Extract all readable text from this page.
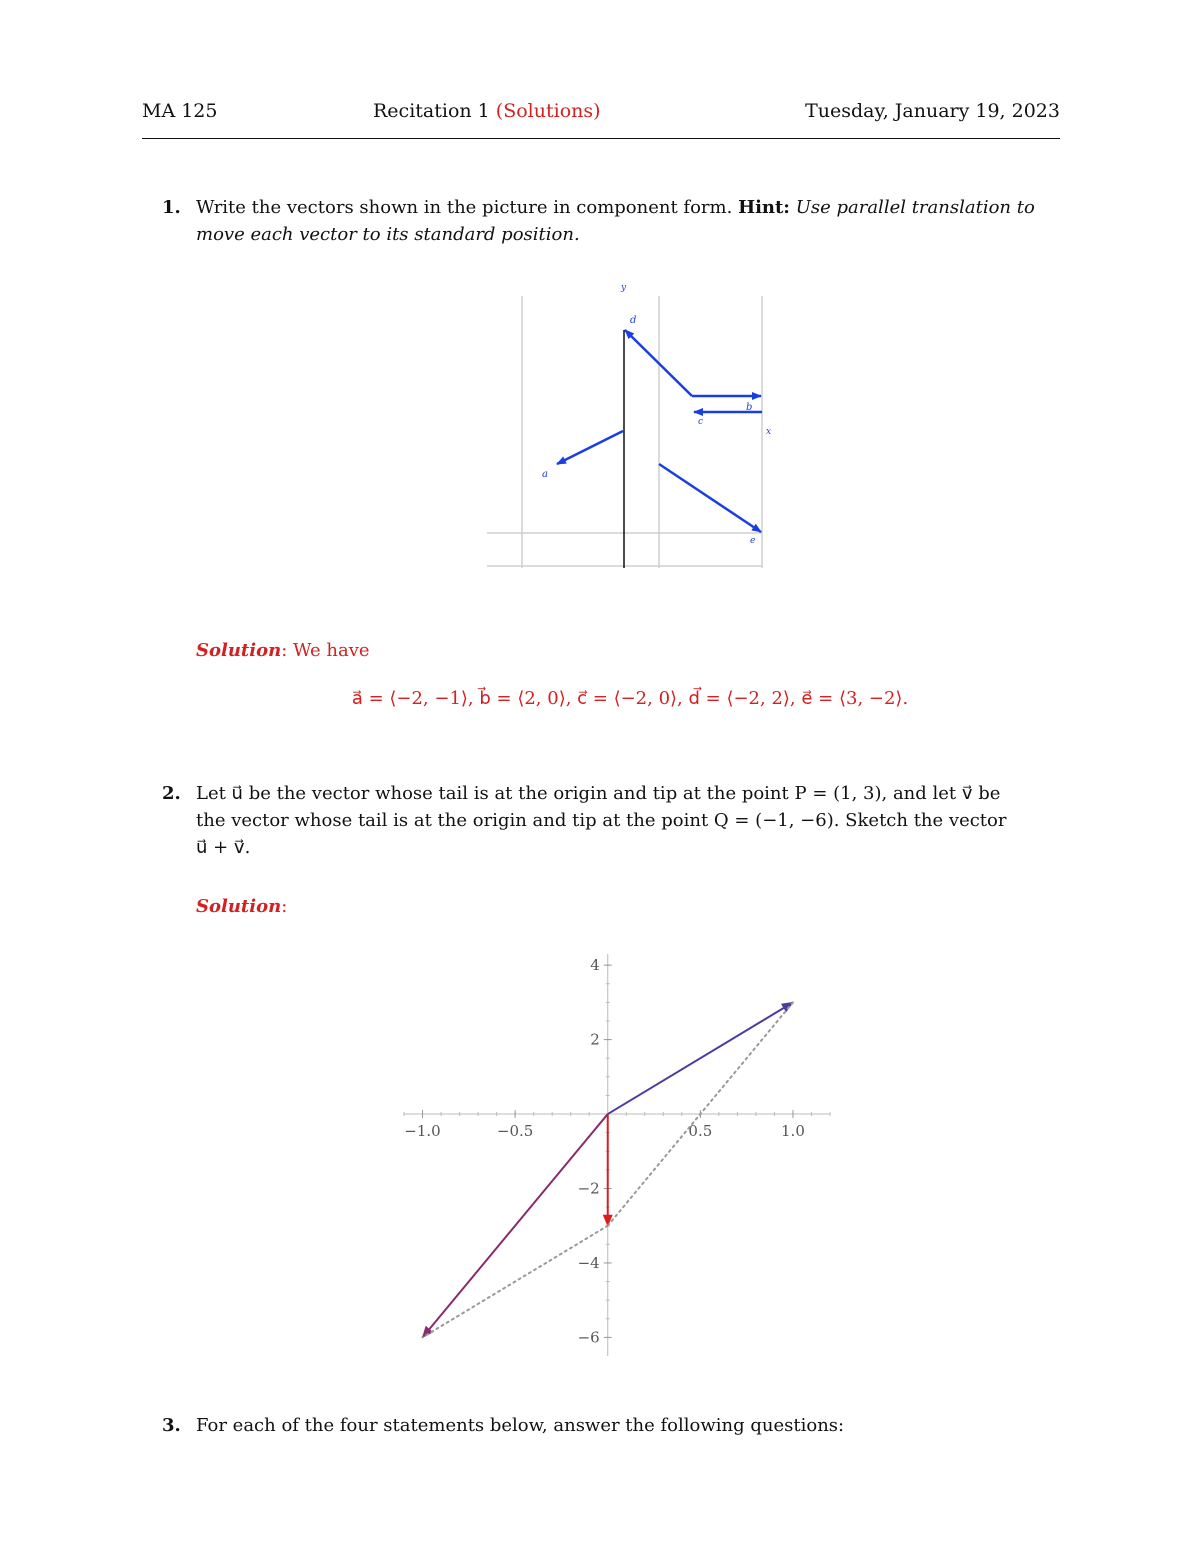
MA 125	Recitation 1 (Solutions)	Tuesday, January 19, 2023
1. Write the vectors shown in the picture in component form. Hint: Use parallel translation to move each vector to its standard position.
y
x
d
b
c
a
e
Solution: We have
a⃗ = ⟨−2, −1⟩, b⃗ = ⟨2, 0⟩, c⃗ = ⟨−2, 0⟩, d⃗ = ⟨−2, 2⟩, e⃗ = ⟨3, −2⟩.
2. Let u⃗ be the vector whose tail is at the origin and tip at the point P = (1, 3), and let v⃗ be
the vector whose tail is at the origin and tip at the point Q = (−1, −6). Sketch the vector
u⃗ + v⃗.
Solution:
−1.0	−0.5	0.5	1.0
4
2
−2
−4
−6
3. For each of the four statements below, answer the following questions:
